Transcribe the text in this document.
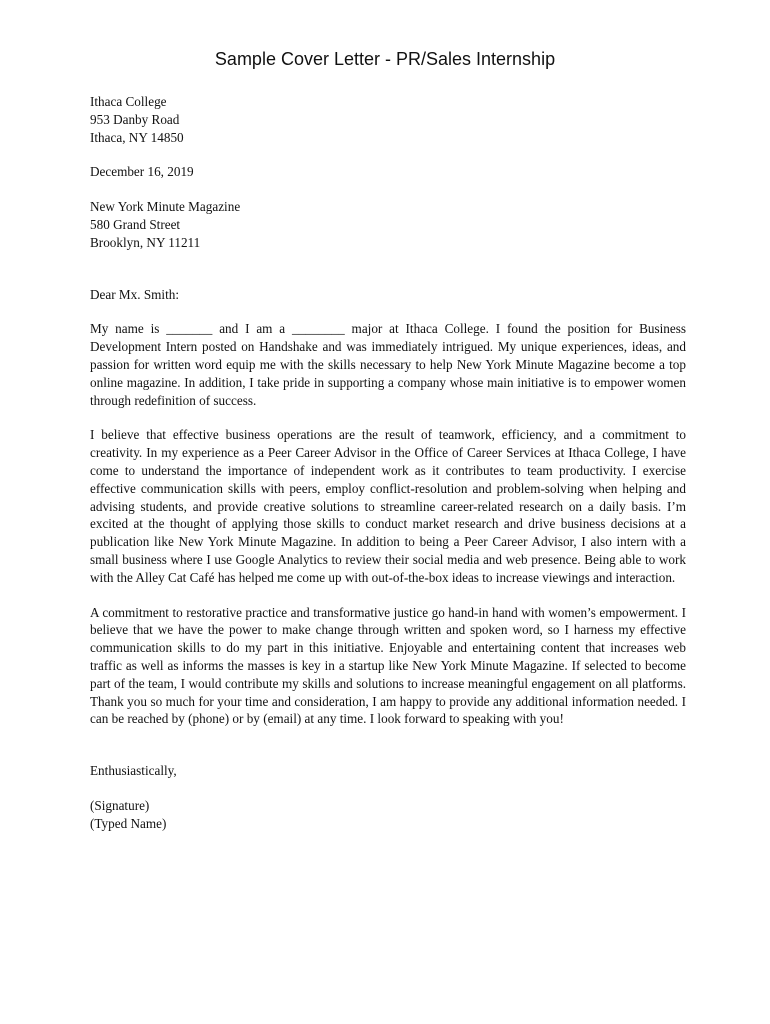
Sample Cover Letter - PR/Sales Internship
Ithaca College
953 Danby Road
Ithaca, NY 14850
December 16, 2019
New York Minute Magazine
580 Grand Street
Brooklyn, NY 11211
Dear Mx. Smith:

My name is _______ and I am a ________ major at Ithaca College. I found the position for Business Development Intern posted on Handshake and was immediately intrigued. My unique experiences, ideas, and passion for written word equip me with the skills necessary to help New York Minute Magazine become a top online magazine. In addition, I take pride in supporting a company whose main initiative is to empower women through redefinition of success.

I believe that effective business operations are the result of teamwork, efficiency, and a commitment to creativity. In my experience as a Peer Career Advisor in the Office of Career Services at Ithaca College, I have come to understand the importance of independent work as it contributes to team productivity. I exercise effective communication skills with peers, employ conflict-resolution and problem-solving when helping and advising students, and provide creative solutions to streamline career-related research on a daily basis. I’m excited at the thought of applying those skills to conduct market research and drive business decisions at a publication like New York Minute Magazine. In addition to being a Peer Career Advisor, I also intern with a small business where I use Google Analytics to review their social media and web presence. Being able to work with the Alley Cat Café has helped me come up with out-of-the-box ideas to increase viewings and interaction.

A commitment to restorative practice and transformative justice go hand-in hand with women’s empowerment. I believe that we have the power to make change through written and spoken word, so I harness my effective communication skills to do my part in this initiative. Enjoyable and entertaining content that increases web traffic as well as informs the masses is key in a startup like New York Minute Magazine. If selected to become part of the team, I would contribute my skills and solutions to increase meaningful engagement on all platforms. Thank you so much for your time and consideration, I am happy to provide any additional information needed. I can be reached by (phone) or by (email) at any time. I look forward to speaking with you!

Enthusiastically,
(Signature)
(Typed Name)
